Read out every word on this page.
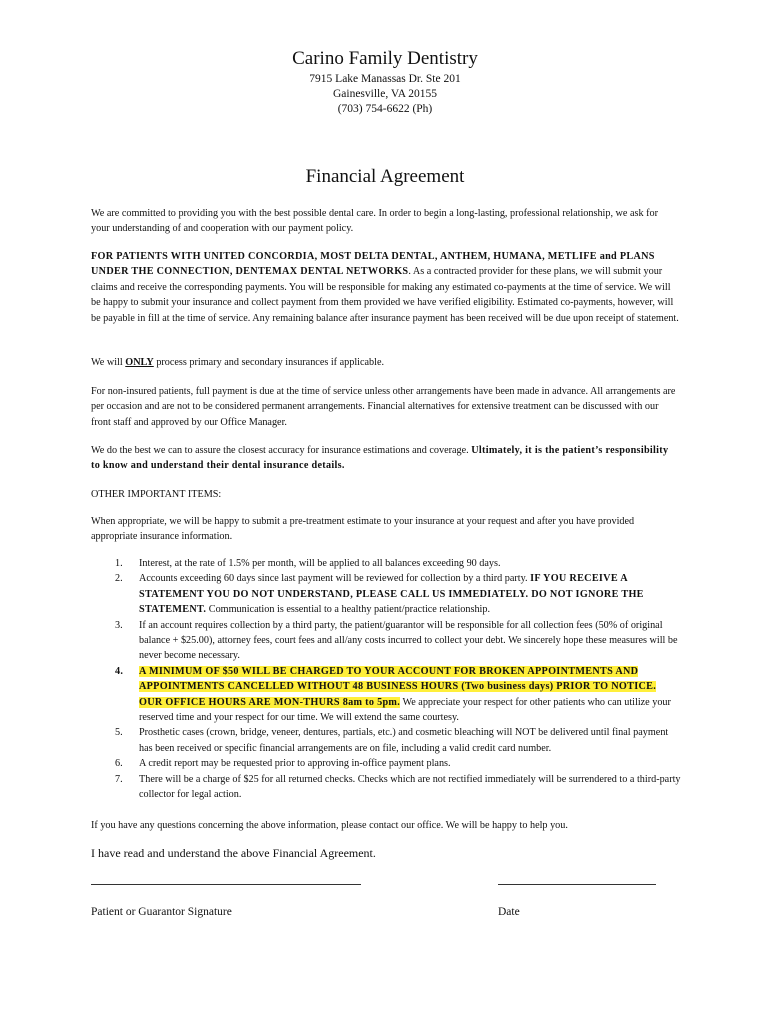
Carino Family Dentistry
7915 Lake Manassas Dr. Ste 201
Gainesville, VA 20155
(703) 754-6622 (Ph)
Financial Agreement
We are committed to providing you with the best possible dental care. In order to begin a long-lasting, professional relationship, we ask for your understanding of and cooperation with our payment policy.
FOR PATIENTS WITH UNITED CONCORDIA, MOST DELTA DENTAL, ANTHEM, HUMANA, METLIFE and PLANS UNDER THE CONNECTION, DENTEMAX DENTAL NETWORKS. As a contracted provider for these plans, we will submit your claims and receive the corresponding payments. You will be responsible for making any estimated co-payments at the time of service. We will be happy to submit your insurance and collect payment from them provided we have verified eligibility. Estimated co-payments, however, will be payable in fill at the time of service. Any remaining balance after insurance payment has been received will be due upon receipt of statement.
We will ONLY process primary and secondary insurances if applicable.
For non-insured patients, full payment is due at the time of service unless other arrangements have been made in advance. All arrangements are per occasion and are not to be considered permanent arrangements. Financial alternatives for extensive treatment can be discussed with our front staff and approved by our Office Manager.
We do the best we can to assure the closest accuracy for insurance estimations and coverage. Ultimately, it is the patient’s responsibility to know and understand their dental insurance details.
OTHER IMPORTANT ITEMS:
When appropriate, we will be happy to submit a pre-treatment estimate to your insurance at your request and after you have provided appropriate insurance information.
1. Interest, at the rate of 1.5% per month, will be applied to all balances exceeding 90 days.
2. Accounts exceeding 60 days since last payment will be reviewed for collection by a third party. IF YOU RECEIVE A STATEMENT YOU DO NOT UNDERSTAND, PLEASE CALL US IMMEDIATELY. DO NOT IGNORE THE STATEMENT. Communication is essential to a healthy patient/practice relationship.
3. If an account requires collection by a third party, the patient/guarantor will be responsible for all collection fees (50% of original balance + $25.00), attorney fees, court fees and all/any costs incurred to collect your debt. We sincerely hope these measures will be never become necessary.
4. A MINIMUM OF $50 WILL BE CHARGED TO YOUR ACCOUNT FOR BROKEN APPOINTMENTS AND APPOINTMENTS CANCELLED WITHOUT 48 BUSINESS HOURS (Two business days) PRIOR TO NOTICE. OUR OFFICE HOURS ARE MON-THURS 8am to 5pm. We appreciate your respect for other patients who can utilize your reserved time and your respect for our time. We will extend the same courtesy.
5. Prosthetic cases (crown, bridge, veneer, dentures, partials, etc.) and cosmetic bleaching will NOT be delivered until final payment has been received or specific financial arrangements are on file, including a valid credit card number.
6. A credit report may be requested prior to approving in-office payment plans.
7. There will be a charge of $25 for all returned checks. Checks which are not rectified immediately will be surrendered to a third-party collector for legal action.
If you have any questions concerning the above information, please contact our office. We will be happy to help you.
I have read and understand the above Financial Agreement.
Patient or Guarantor Signature	Date
